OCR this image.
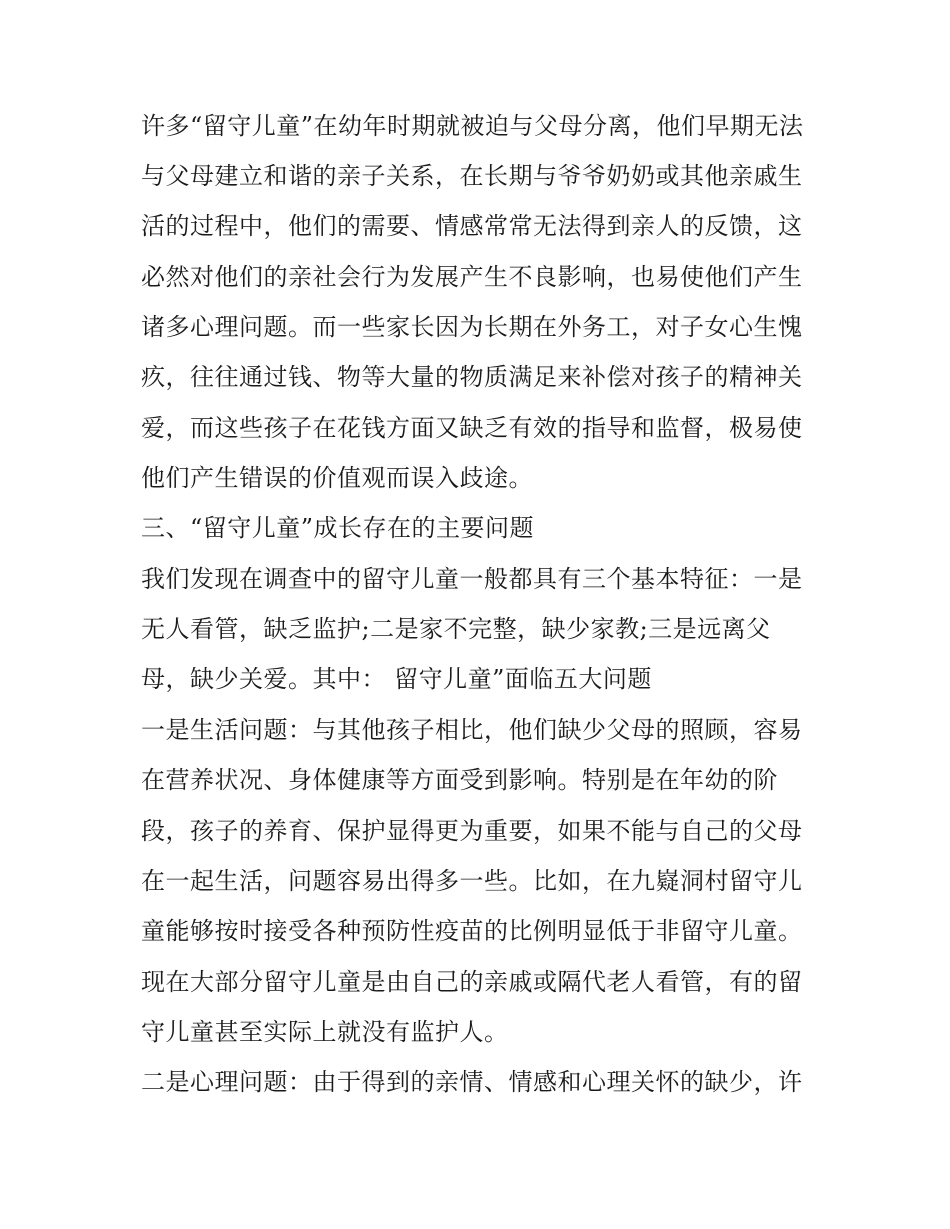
许多“留守儿童”在幼年时期就被迫与父母分离，他们早期无法
与父母建立和谐的亲子关系，在长期与爷爷奶奶或其他亲戚生
活的过程中，他们的需要、情感常常无法得到亲人的反馈，这
必然对他们的亲社会行为发展产生不良影响，也易使他们产生
诸多心理问题。而一些家长因为长期在外务工，对子女心生愧
疚，往往通过钱、物等大量的物质满足来补偿对孩子的精神关
爱，而这些孩子在花钱方面又缺乏有效的指导和监督，极易使
他们产生错误的价值观而误入歧途。
三、“留守儿童”成长存在的主要问题
我们发现在调查中的留守儿童一般都具有三个基本特征：一是
无人看管，缺乏监护;二是家不完整，缺少家教;三是远离父
母，缺少关爱。其中： 留守儿童”面临五大问题
一是生活问题：与其他孩子相比，他们缺少父母的照顾，容易
在营养状况、身体健康等方面受到影响。特别是在年幼的阶
段，孩子的养育、保护显得更为重要，如果不能与自己的父母
在一起生活，问题容易出得多一些。比如，在九嶷洞村留守儿
童能够按时接受各种预防性疫苗的比例明显低于非留守儿童。
现在大部分留守儿童是由自己的亲戚或隔代老人看管，有的留
守儿童甚至实际上就没有监护人。
二是心理问题：由于得到的亲情、情感和心理关怀的缺少，许
